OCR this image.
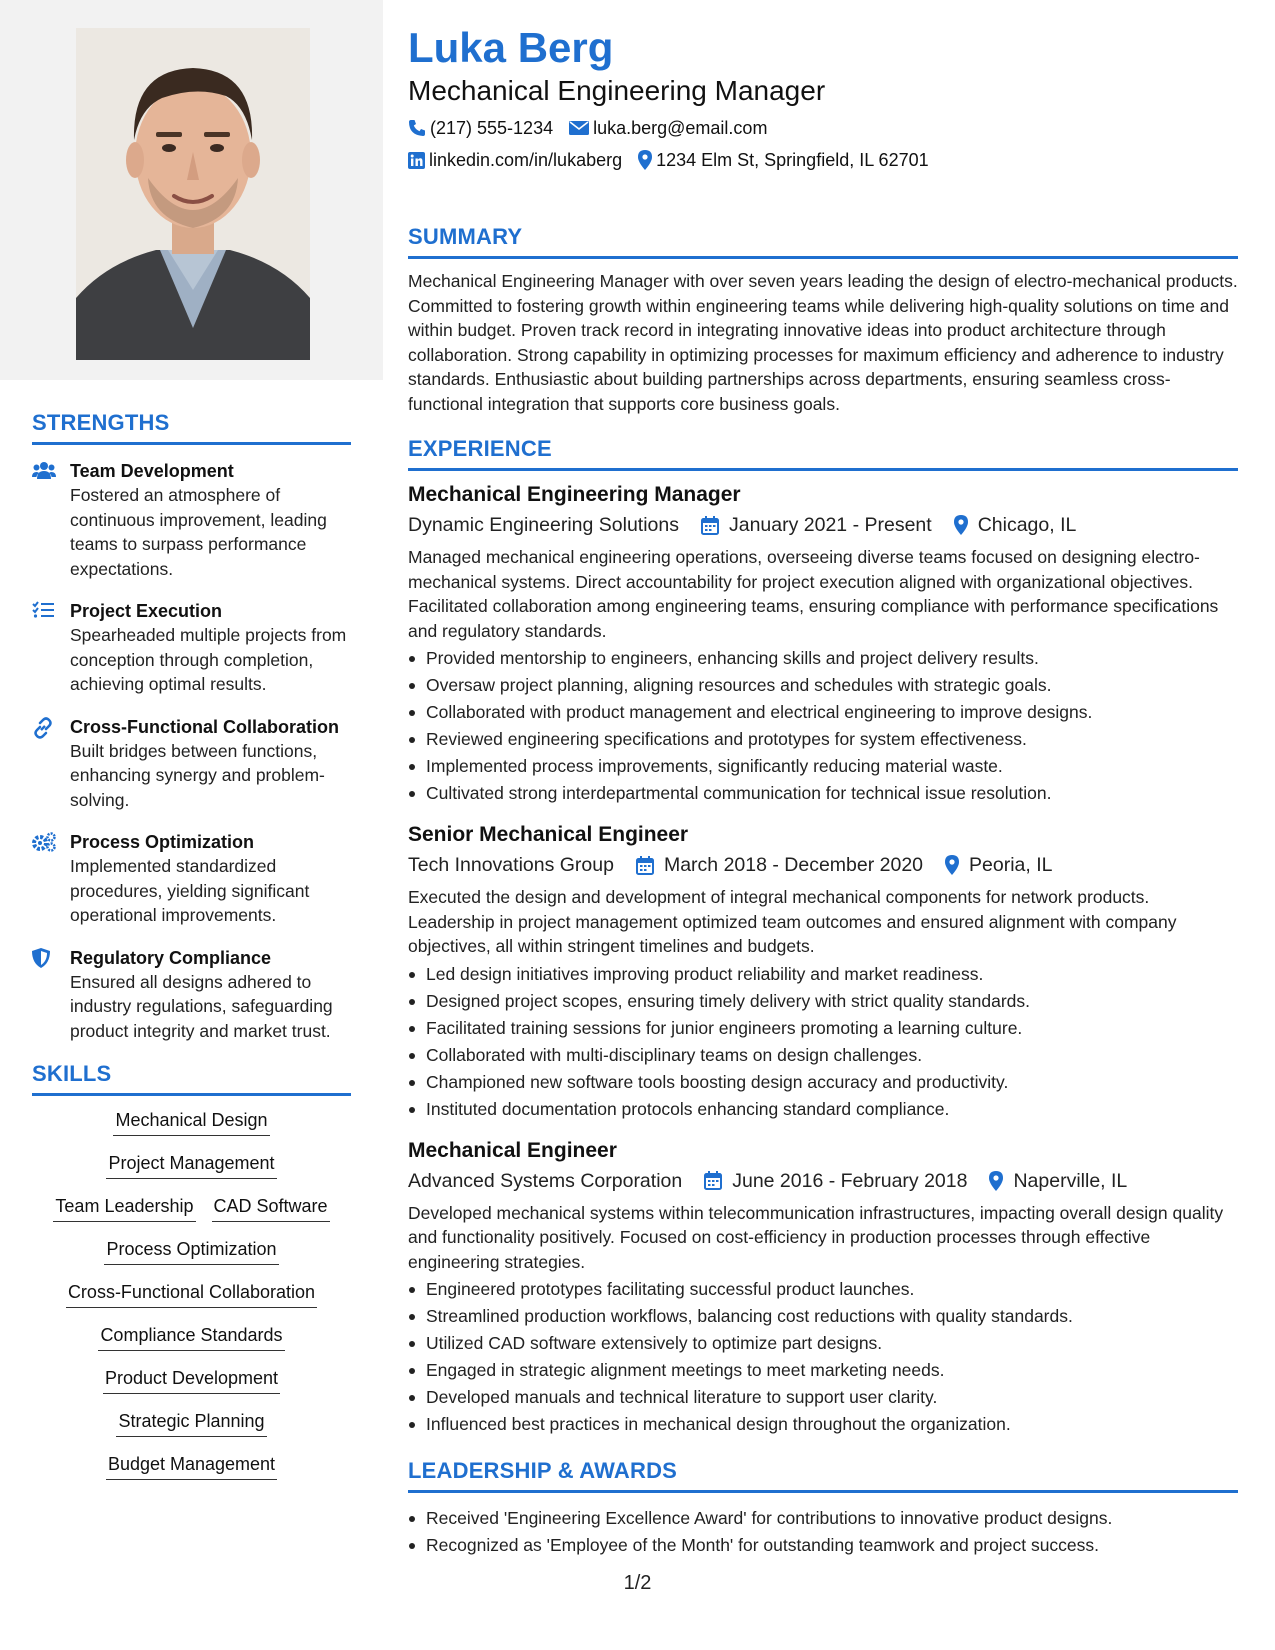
STRENGTHS
Team Development
Fostered an atmosphere of continuous improvement, leading teams to surpass performance expectations.
Project Execution
Spearheaded multiple projects from conception through completion, achieving optimal results.
Cross-Functional Collaboration
Built bridges between functions, enhancing synergy and problem-solving.
Process Optimization
Implemented standardized procedures, yielding significant operational improvements.
Regulatory Compliance
Ensured all designs adhered to industry regulations, safeguarding product integrity and market trust.
SKILLS
Mechanical Design
Project Management
Team Leadership CAD Software
Process Optimization
Cross-Functional Collaboration
Compliance Standards
Product Development
Strategic Planning
Budget Management
Luka Berg
Mechanical Engineering Manager
(217) 555-1234 luka.berg@email.com
linkedin.com/in/lukaberg 1234 Elm St, Springfield, IL 62701
SUMMARY
Mechanical Engineering Manager with over seven years leading the design of electro-mechanical products. Committed to fostering growth within engineering teams while delivering high-quality solutions on time and within budget. Proven track record in integrating innovative ideas into product architecture through collaboration. Strong capability in optimizing processes for maximum efficiency and adherence to industry standards. Enthusiastic about building partnerships across departments, ensuring seamless cross-functional integration that supports core business goals.
EXPERIENCE
Mechanical Engineering Manager
Dynamic Engineering Solutions	January 2021 - Present Chicago, IL
Managed mechanical engineering operations, overseeing diverse teams focused on designing electro-mechanical systems. Direct accountability for project execution aligned with organizational objectives. Facilitated collaboration among engineering teams, ensuring compliance with performance specifications and regulatory standards.
Provided mentorship to engineers, enhancing skills and project delivery results.
Oversaw project planning, aligning resources and schedules with strategic goals.
Collaborated with product management and electrical engineering to improve designs.
Reviewed engineering specifications and prototypes for system effectiveness.
Implemented process improvements, significantly reducing material waste.
Cultivated strong interdepartmental communication for technical issue resolution.
Senior Mechanical Engineer
Tech Innovations Group	March 2018 - December 2020 Peoria, IL
Executed the design and development of integral mechanical components for network products. Leadership in project management optimized team outcomes and ensured alignment with company objectives, all within stringent timelines and budgets.
Led design initiatives improving product reliability and market readiness.
Designed project scopes, ensuring timely delivery with strict quality standards.
Facilitated training sessions for junior engineers promoting a learning culture.
Collaborated with multi-disciplinary teams on design challenges.
Championed new software tools boosting design accuracy and productivity.
Instituted documentation protocols enhancing standard compliance.
Mechanical Engineer
Advanced Systems Corporation	June 2016 - February 2018 Naperville, IL
Developed mechanical systems within telecommunication infrastructures, impacting overall design quality and functionality positively. Focused on cost-efficiency in production processes through effective engineering strategies.
Engineered prototypes facilitating successful product launches.
Streamlined production workflows, balancing cost reductions with quality standards.
Utilized CAD software extensively to optimize part designs.
Engaged in strategic alignment meetings to meet marketing needs.
Developed manuals and technical literature to support user clarity.
Influenced best practices in mechanical design throughout the organization.
LEADERSHIP & AWARDS
Received 'Engineering Excellence Award' for contributions to innovative product designs.
Recognized as 'Employee of the Month' for outstanding teamwork and project success.
1/2
